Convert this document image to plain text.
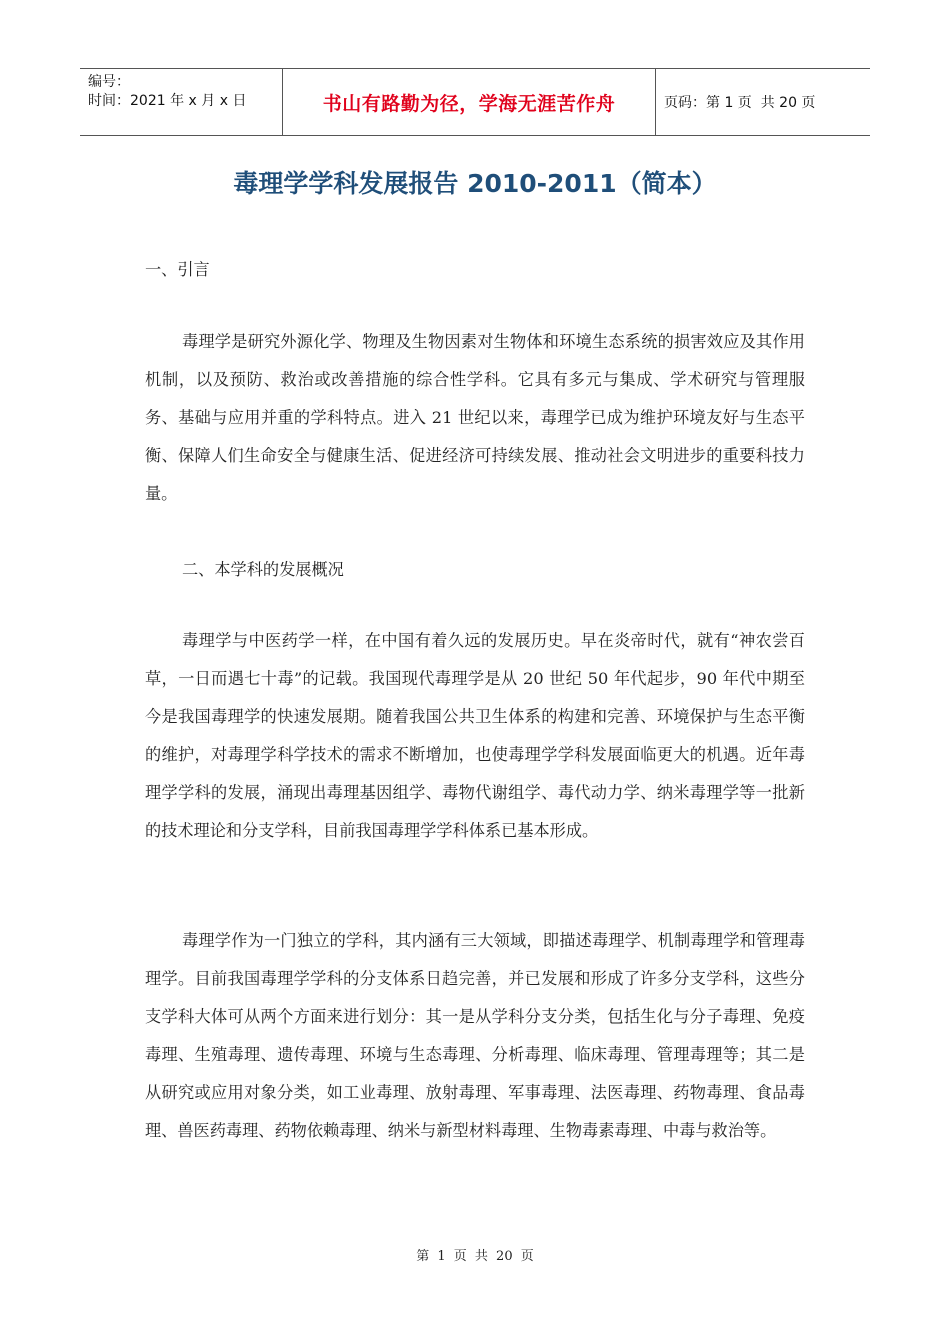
编号：
时间：2021 年 x 月 x 日	书山有路勤为径，学海无涯苦作舟	页码：第 1 页  共 20 页
毒理学学科发展报告 2010-2011（简本）
一、引言

毒理学是研究外源化学、物理及生物因素对生物体和环境生态系统的损害效应及其作用机制，以及预防、救治或改善措施的综合性学科。它具有多元与集成、学术研究与管理服务、基础与应用并重的学科特点。进入 21 世纪以来，毒理学已成为维护环境友好与生态平衡、保障人们生命安全与健康生活、促进经济可持续发展、推动社会文明进步的重要科技力量。

二、本学科的发展概况

毒理学与中医药学一样，在中国有着久远的发展历史。早在炎帝时代，就有“神农尝百草，一日而遇七十毒”的记载。我国现代毒理学是从 20 世纪 50 年代起步，90 年代中期至今是我国毒理学的快速发展期。随着我国公共卫生体系的构建和完善、环境保护与生态平衡的维护，对毒理学科学技术的需求不断增加，也使毒理学学科发展面临更大的机遇。近年毒理学学科的发展，涌现出毒理基因组学、毒物代谢组学、毒代动力学、纳米毒理学等一批新的技术理论和分支学科，目前我国毒理学学科体系已基本形成。

毒理学作为一门独立的学科，其内涵有三大领域，即描述毒理学、机制毒理学和管理毒理学。目前我国毒理学学科的分支体系日趋完善，并已发展和形成了许多分支学科，这些分支学科大体可从两个方面来进行划分：其一是从学科分支分类，包括生化与分子毒理、免疫毒理、生殖毒理、遗传毒理、环境与生态毒理、分析毒理、临床毒理、管理毒理等；其二是从研究或应用对象分类，如工业毒理、放射毒理、军事毒理、法医毒理、药物毒理、食品毒理、兽医药毒理、药物依赖毒理、纳米与新型材料毒理、生物毒素毒理、中毒与救治等。

第 1 页 共 20 页
